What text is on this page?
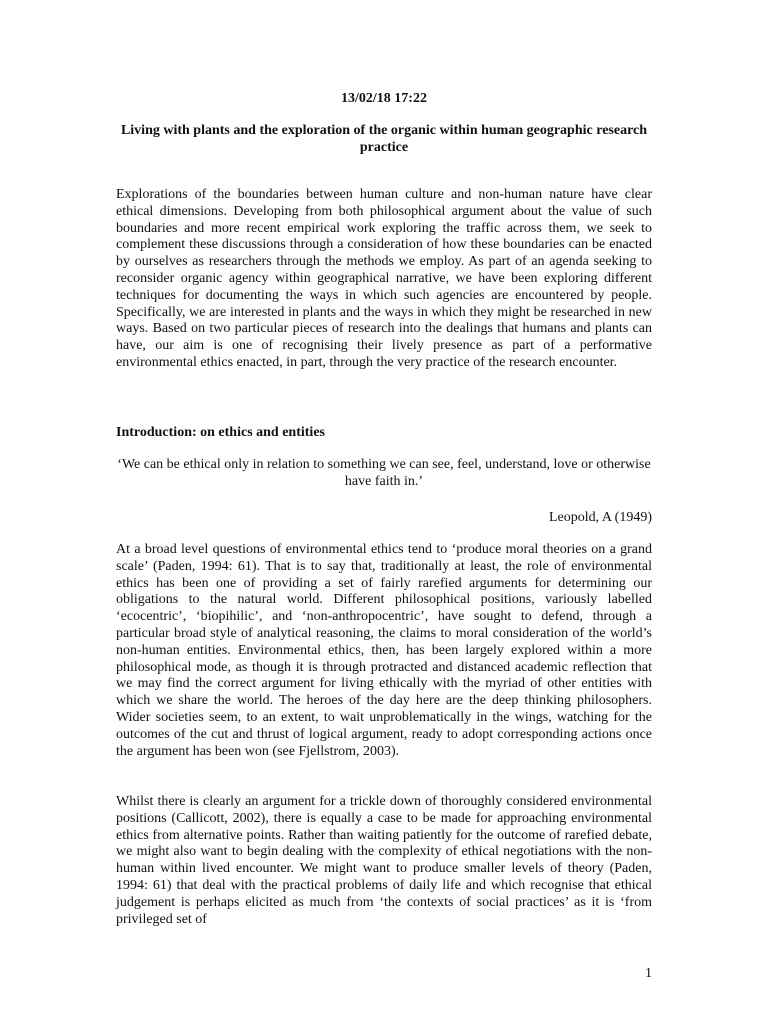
13/02/18 17:22
Living with plants and the exploration of the organic within human geographic research practice

Explorations of the boundaries between human culture and non-human nature have clear ethical dimensions. Developing from both philosophical argument about the value of such boundaries and more recent empirical work exploring the traffic across them, we seek to complement these discussions through a consideration of how these boundaries can be enacted by ourselves as researchers through the methods we employ. As part of an agenda seeking to reconsider organic agency within geographical narrative, we have been exploring different techniques for documenting the ways in which such agencies are encountered by people. Specifically, we are interested in plants and the ways in which they might be researched in new ways. Based on two particular pieces of research into the dealings that humans and plants can have, our aim is one of recognising their lively presence as part of a performative environmental ethics enacted, in part, through the very practice of the research encounter.

Introduction: on ethics and entities
‘We can be ethical only in relation to something we can see, feel, understand, love or otherwise have faith in.’
Leopold, A (1949)

At a broad level questions of environmental ethics tend to ‘produce moral theories on a grand scale’ (Paden, 1994: 61). That is to say that, traditionally at least, the role of environmental ethics has been one of providing a set of fairly rarefied arguments for determining our obligations to the natural world. Different philosophical positions, variously labelled ‘ecocentric’, ‘biopihilic’, and ‘non-anthropocentric’, have sought to defend, through a particular broad style of analytical reasoning, the claims to moral consideration of the world’s non-human entities. Environmental ethics, then, has been largely explored within a more philosophical mode, as though it is through protracted and distanced academic reflection that we may find the correct argument for living ethically with the myriad of other entities with which we share the world. The heroes of the day here are the deep thinking philosophers. Wider societies seem, to an extent, to wait unproblematically in the wings, watching for the outcomes of the cut and thrust of logical argument, ready to adopt corresponding actions once the argument has been won (see Fjellstrom, 2003).

Whilst there is clearly an argument for a trickle down of thoroughly considered environmental positions (Callicott, 2002), there is equally a case to be made for approaching environmental ethics from alternative points. Rather than waiting patiently for the outcome of rarefied debate, we might also want to begin dealing with the complexity of ethical negotiations with the non-human within lived encounter. We might want to produce smaller levels of theory (Paden, 1994: 61) that deal with the practical problems of daily life and which recognise that ethical judgement is perhaps elicited as much from ‘the contexts of social practices’ as it is ‘from privileged set of

1
